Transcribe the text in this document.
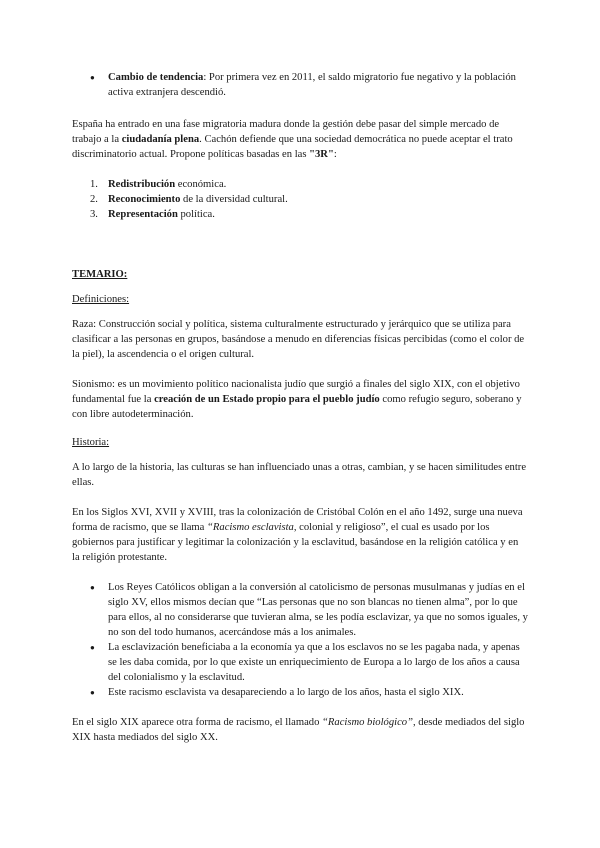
● Cambio de tendencia: Por primera vez en 2011, el saldo migratorio fue negativo y la población activa extranjera descendió.

España ha entrado en una fase migratoria madura donde la gestión debe pasar del simple mercado de trabajo a la ciudadanía plena. Cachón defiende que una sociedad democrática no puede aceptar el trato discriminatorio actual. Propone políticas basadas en las "3R":

1. Redistribución económica.
2. Reconocimiento de la diversidad cultural.
3. Representación política.

TEMARIO:

Definiciones:

Raza: Construcción social y política, sistema culturalmente estructurado y jerárquico que se utiliza para clasificar a las personas en grupos, basándose a menudo en diferencias físicas percibidas (como el color de la piel), la ascendencia o el origen cultural.

Sionismo: es un movimiento político nacionalista judío que surgió a finales del siglo XIX, con el objetivo fundamental fue la creación de un Estado propio para el pueblo judío como refugio seguro, soberano y con libre autodeterminación.

Historia:

A lo largo de la historia, las culturas se han influenciado unas a otras, cambian, y se hacen similitudes entre ellas.

En los Siglos XVI, XVII y XVIII, tras la colonización de Cristóbal Colón en el año 1492, surge una nueva forma de racismo, que se llama “Racismo esclavista, colonial y religioso”, el cual es usado por los gobiernos para justificar y legitimar la colonización y la esclavitud, basándose en la religión católica y en la religión protestante.

● Los Reyes Católicos obligan a la conversión al catolicismo de personas musulmanas y judías en el siglo XV, ellos mismos decían que “Las personas que no son blancas no tienen alma”, por lo que para ellos, al no considerarse que tuvieran alma, se les podía esclavizar, ya que no somos iguales, y no son del todo humanos, acercándose más a los animales.
● La esclavización beneficiaba a la economía ya que a los esclavos no se les pagaba nada, y apenas se les daba comida, por lo que existe un enriquecimiento de Europa a lo largo de los años a causa del colonialismo y la esclavitud.
● Este racismo esclavista va desapareciendo a lo largo de los años, hasta el siglo XIX.

En el siglo XIX aparece otra forma de racismo, el llamado “Racismo biológico”, desde mediados del siglo XIX hasta mediados del siglo XX.
